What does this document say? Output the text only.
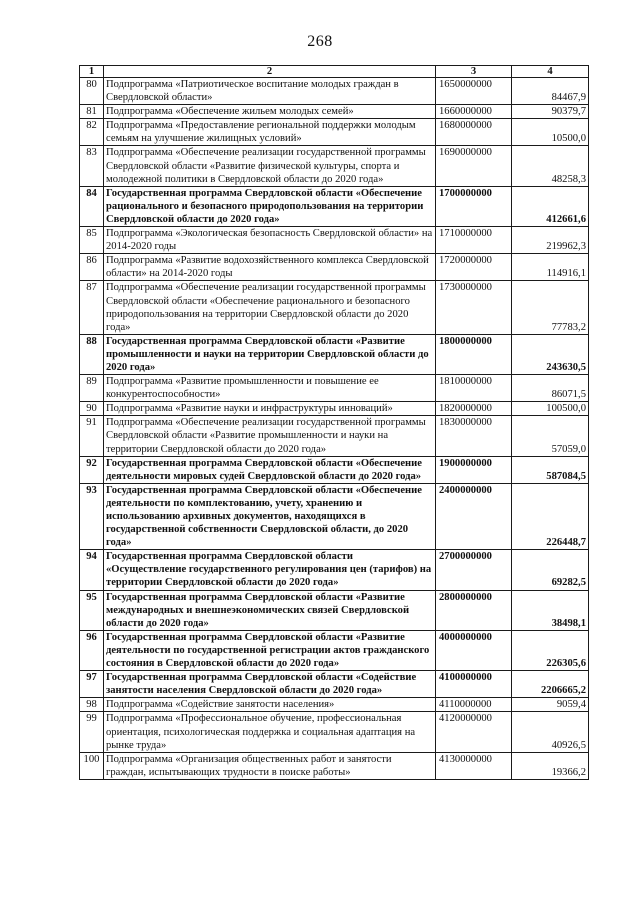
268
1	2	3	4
80	Подпрограмма «Патриотическое воспитание молодых граждан в Свердловской области»	1650000000	84467,9
81	Подпрограмма «Обеспечение жильем молодых семей»	1660000000	90379,7
82	Подпрограмма «Предоставление региональной поддержки молодым семьям на улучшение жилищных условий»	1680000000	10500,0
83	Подпрограмма «Обеспечение реализации государственной программы Свердловской области «Развитие физической культуры, спорта и молодежной политики в Свердловской области до 2020 года»	1690000000	48258,3
84	Государственная программа Свердловской области «Обеспечение рационального и безопасного природопользования на территории Свердловской области до 2020 года»	1700000000	412661,6
85	Подпрограмма «Экологическая безопасность Свердловской области» на 2014-2020 годы	1710000000	219962,3
86	Подпрограмма «Развитие водохозяйственного комплекса Свердловской области» на 2014-2020 годы	1720000000	114916,1
87	Подпрограмма «Обеспечение реализации государственной программы Свердловской области «Обеспечение рационального и безопасного природопользования на территории Свердловской области до 2020 года»	1730000000	77783,2
88	Государственная программа Свердловской области «Развитие промышленности и науки на территории Свердловской области до 2020 года»	1800000000	243630,5
89	Подпрограмма «Развитие промышленности и повышение ее конкурентоспособности»	1810000000	86071,5
90	Подпрограмма «Развитие науки и инфраструктуры инноваций»	1820000000	100500,0
91	Подпрограмма «Обеспечение реализации государственной программы Свердловской области «Развитие промышленности и науки на территории Свердловской области до 2020 года»	1830000000	57059,0
92	Государственная программа Свердловской области «Обеспечение деятельности мировых судей Свердловской области до 2020 года»	1900000000	587084,5
93	Государственная программа Свердловской области «Обеспечение деятельности по комплектованию, учету, хранению и использованию архивных документов, находящихся в государственной собственности Свердловской области, до 2020 года»	2400000000	226448,7
94	Государственная программа Свердловской области «Осуществление государственного регулирования цен (тарифов) на территории Свердловской области до 2020 года»	2700000000	69282,5
95	Государственная программа Свердловской области «Развитие международных и внешнеэкономических связей Свердловской области до 2020 года»	2800000000	38498,1
96	Государственная программа Свердловской области «Развитие деятельности по государственной регистрации актов гражданского состояния в Свердловской области до 2020 года»	4000000000	226305,6
97	Государственная программа Свердловской области «Содействие занятости населения Свердловской области до 2020 года»	4100000000	2206665,2
98	Подпрограмма «Содействие занятости населения»	4110000000	9059,4
99	Подпрограмма «Профессиональное обучение, профессиональная ориентация, психологическая поддержка и социальная адаптация на рынке труда»	4120000000	40926,5
100	Подпрограмма «Организация общественных работ и занятости граждан, испытывающих трудности в поиске работы»	4130000000	19366,2
